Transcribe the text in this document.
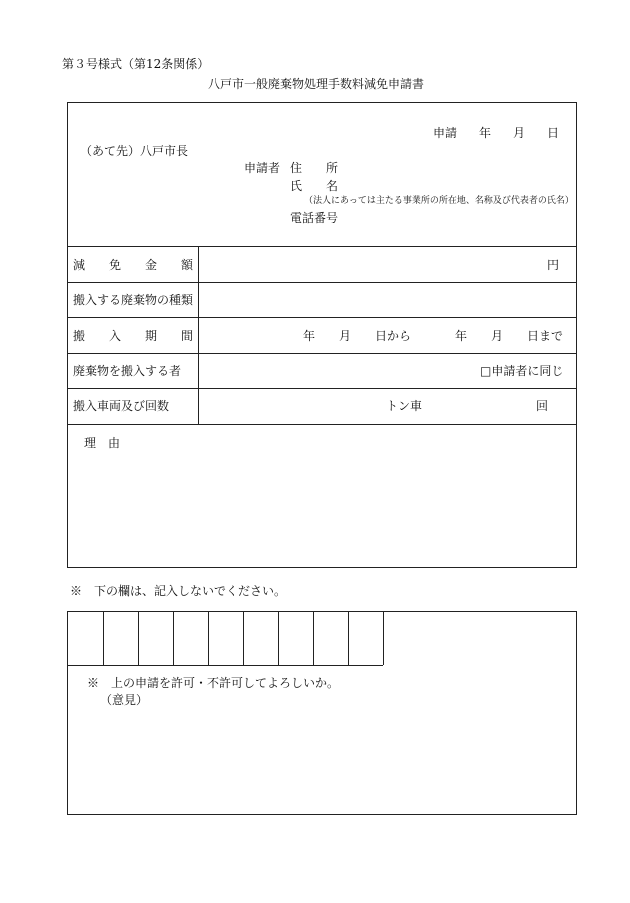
第３号様式（第12条関係）
八戸市一般廃棄物処理手数料減免申請書
申請 年 月 日
（あて先）八戸市長
申請者 住　　所
氏　　名
（法人にあっては主たる事業所の所在地、名称及び代表者の氏名）
電話番号
減　　免　　金　　額	円
搬入する廃棄物の種類
搬　　入　　期　　間	年　　月　　日から	年　　月　　日まで
廃棄物を搬入する者	□申請者に同じ
搬入車両及び回数	トン車	回
理　由
※　下の欄は、記入しないでください。
※　上の申請を許可・不許可してよろしいか。
（意見）
